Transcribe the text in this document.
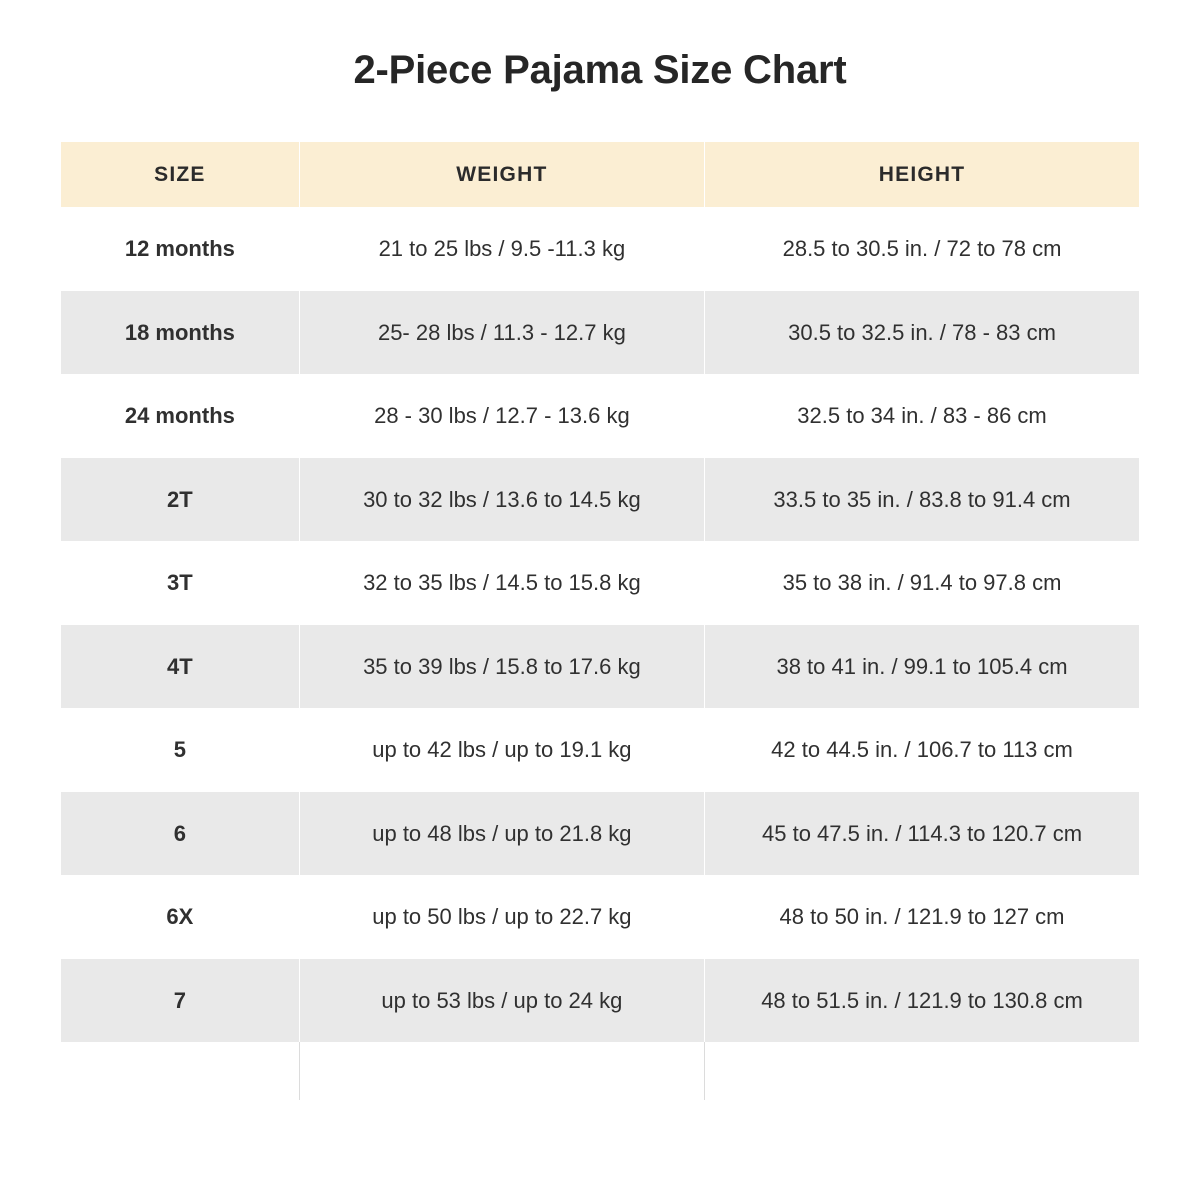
2-Piece Pajama Size Chart
SIZE	WEIGHT	HEIGHT
12 months	21 to 25 lbs / 9.5 -11.3 kg	28.5 to 30.5 in. / 72 to 78 cm
18 months	25- 28 lbs / 11.3 - 12.7 kg	30.5 to 32.5 in. / 78 - 83 cm
24 months	28 - 30 lbs / 12.7 - 13.6 kg	32.5 to 34 in. / 83 - 86 cm
2T	30 to 32 lbs / 13.6 to 14.5 kg	33.5 to 35 in. / 83.8 to 91.4 cm
3T	32 to 35 lbs / 14.5 to 15.8 kg	35 to 38 in. / 91.4 to 97.8 cm
4T	35 to 39 lbs / 15.8 to 17.6 kg	38 to 41 in. / 99.1 to 105.4 cm
5	up to 42 lbs / up to 19.1 kg	42 to 44.5 in. / 106.7 to 113 cm
6	up to 48 lbs / up to 21.8 kg	45 to 47.5 in. / 114.3 to 120.7 cm
6X	up to 50 lbs / up to 22.7 kg	48 to 50 in. / 121.9 to 127 cm
7	up to 53 lbs / up to 24 kg	48 to 51.5 in. / 121.9 to 130.8 cm
